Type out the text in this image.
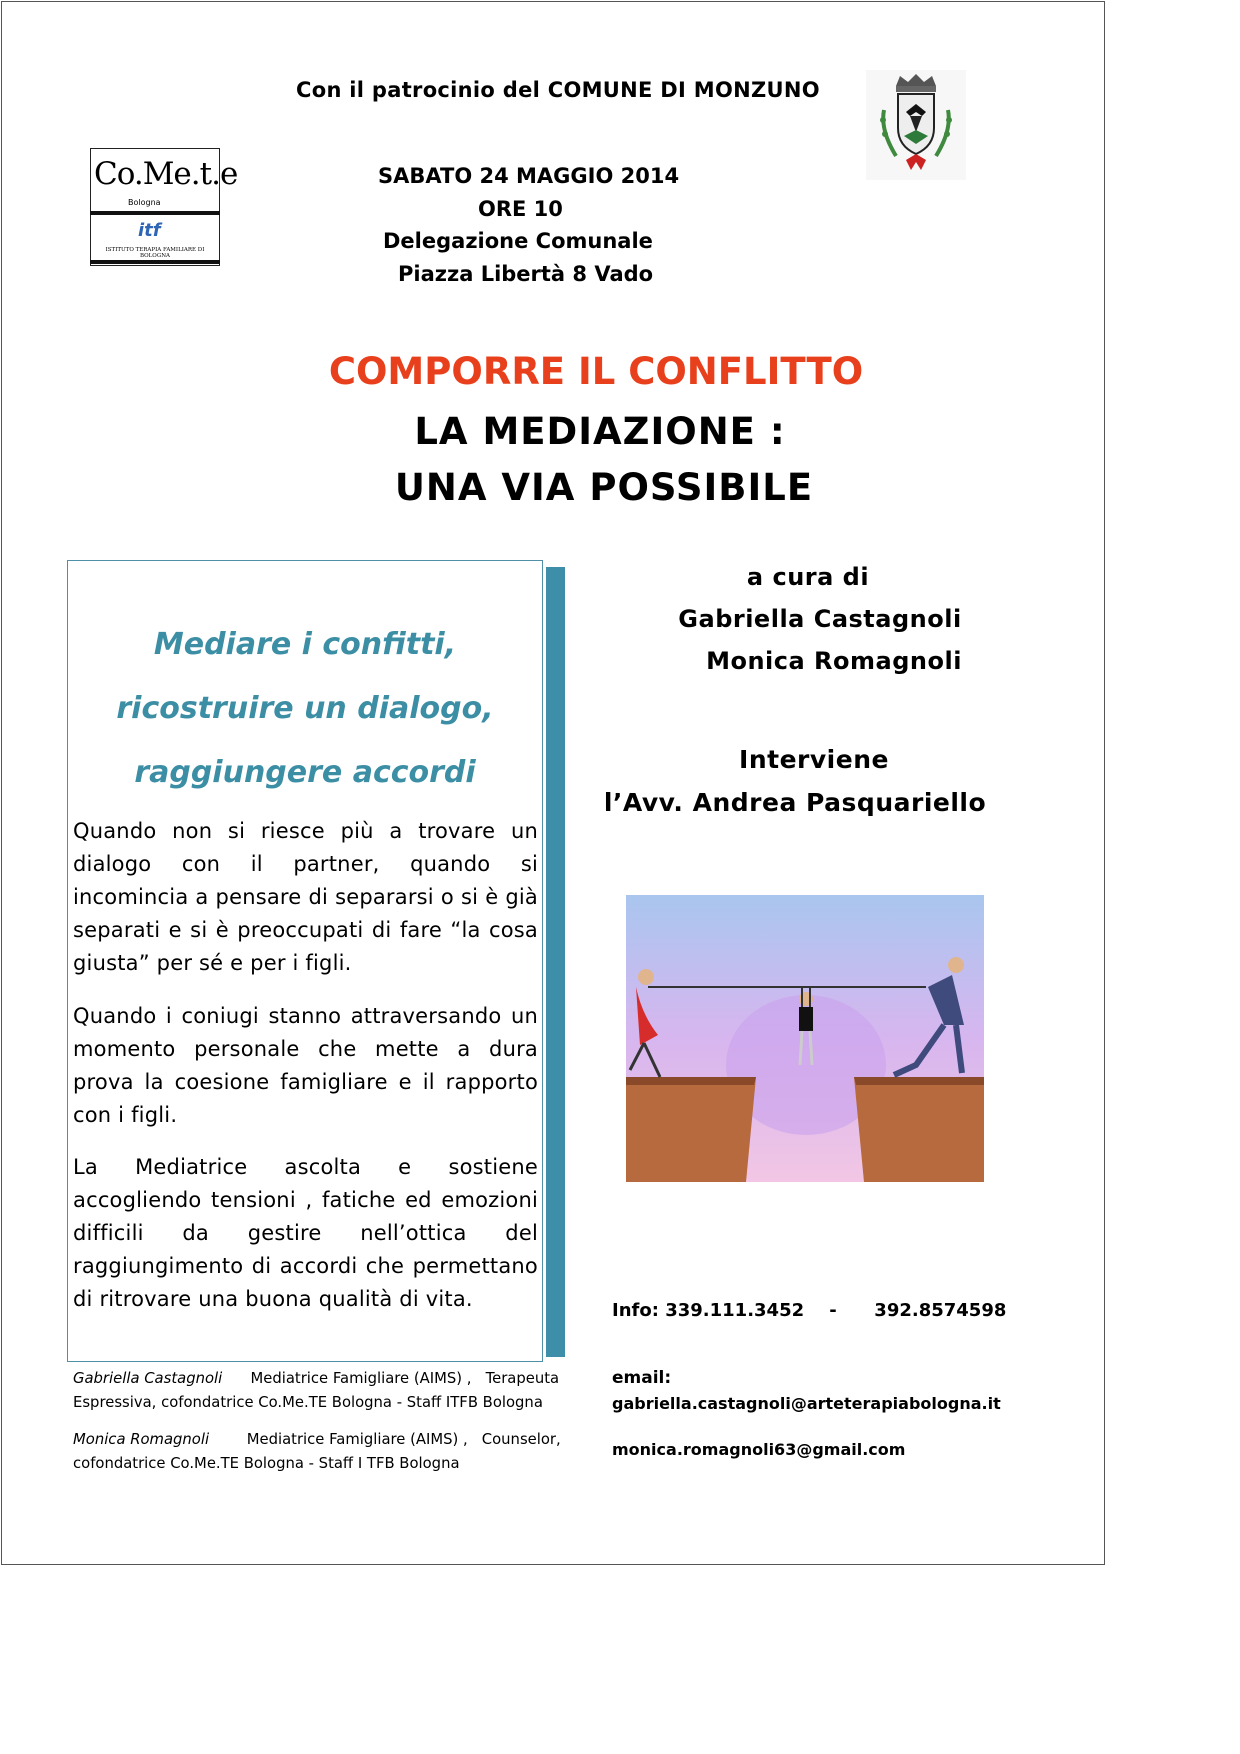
Con il patrocinio del COMUNE DI MONZUNO
Co.Me.t.e
Bologna
itf
ISTITUTO TERAPIA FAMILIARE DI BOLOGNA
SABATO 24 MAGGIO 2014
ORE 10
Delegazione Comunale
Piazza Libertà 8 Vado
COMPORRE IL CONFLITTO
LA MEDIAZIONE :
UNA VIA POSSIBILE
Mediare i confitti,
ricostruire un dialogo,
raggiungere accordi

Quando non si riesce più a trovare un dialogo con il partner, quando si incomincia a pensare di separarsi o si è già separati e si è preoccupati di fare “la cosa giusta” per sé e per i figli.

Quando i coniugi stanno attraversando un momento personale che mette a dura prova la coesione famigliare e il rapporto con i figli.

La Mediatrice ascolta e sostiene accogliendo tensioni , fatiche ed emozioni difficili da gestire nell’ottica del raggiungimento di accordi che permettano di ritrovare una buona qualità di vita.

a cura di
Gabriella Castagnoli
Monica Romagnoli
Interviene
l’Avv. Andrea Pasquariello
Info: 339.111.3452 - 392.8574598
email:
gabriella.castagnoli@arteterapiabologna.it
monica.romagnoli63@gmail.com
Gabriella Castagnoli Mediatrice Famigliare (AIMS) ,   Terapeuta
Espressiva, cofondatrice Co.Me.TE Bologna - Staff ITFB Bologna
Monica Romagnoli	Mediatrice Famigliare (AIMS) ,   Counselor,
cofondatrice Co.Me.TE Bologna - Staff I TFB Bologna
